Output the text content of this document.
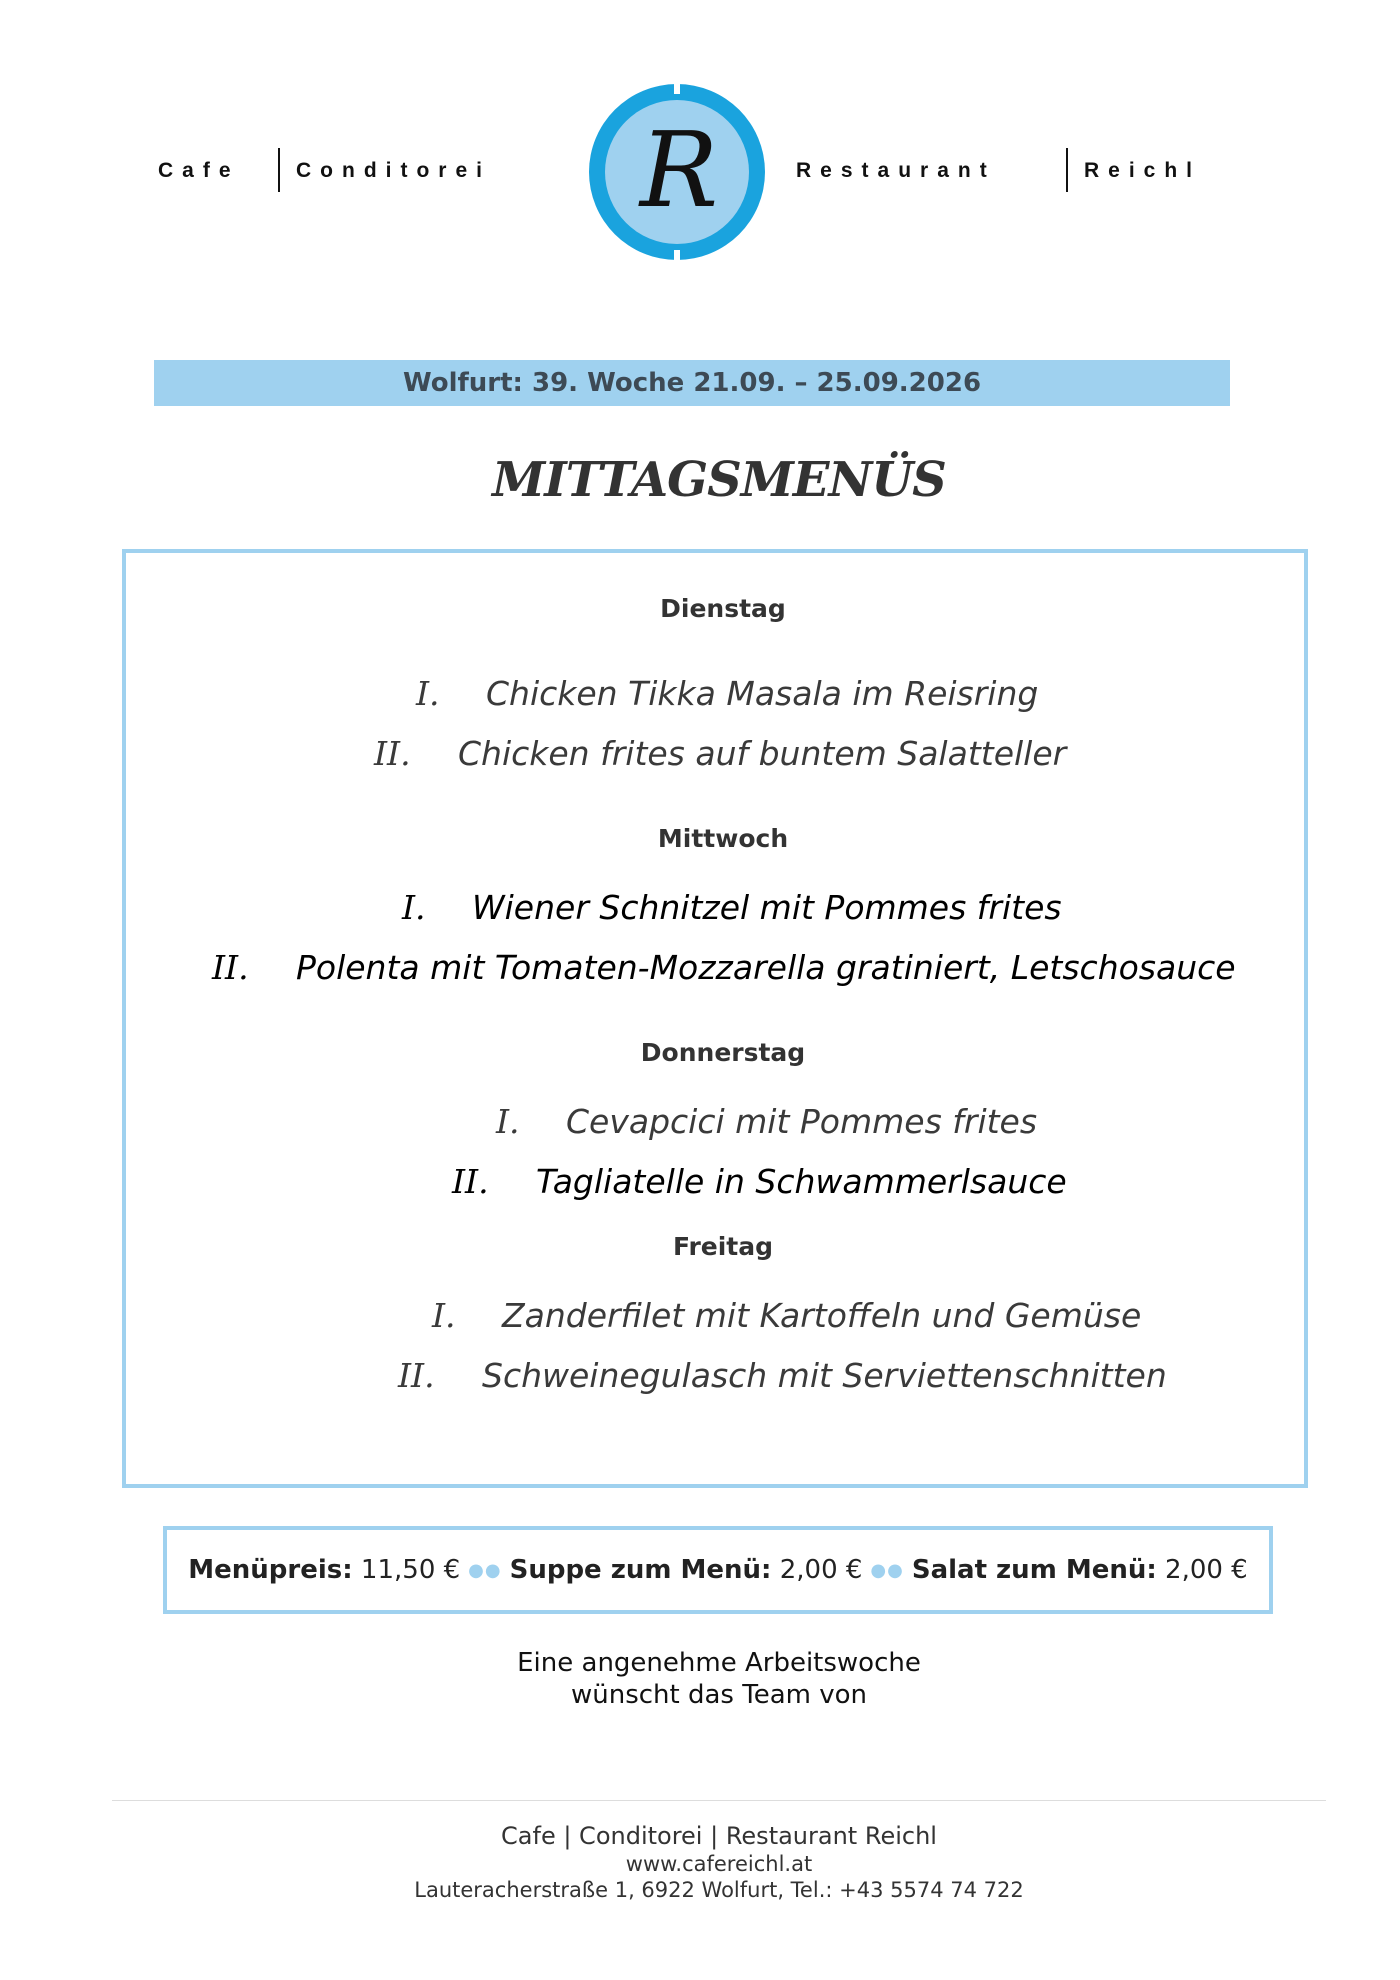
Cafe	Conditorei R	Restaurant	Reichl
Wolfurt: 39. Woche 21.09. – 25.09.2026
MITTAGSMENÜS
Dienstag
I. Chicken Tikka Masala im Reisring
II. Chicken frites auf buntem Salatteller
Mittwoch
I. Wiener Schnitzel mit Pommes frites
II. Polenta mit Tomaten-Mozzarella gratiniert, Letschosauce
Donnerstag
I. Cevapcici mit Pommes frites
II. Tagliatelle in Schwammerlsauce
Freitag
I. Zanderfilet mit Kartoffeln und Gemüse
II. Schweinegulasch mit Serviettenschnitten
Menüpreis:
11,50 € ●● Suppe zum Menü:
2,00 € ●● Salat zum Menü:
2,00 €
Eine angenehme Arbeitswoche
wünscht das Team von
Cafe | Conditorei | Restaurant Reichl
www.cafereichl.at
Lauteracherstraße 1, 6922 Wolfurt, Tel.: +43 5574 74 722
